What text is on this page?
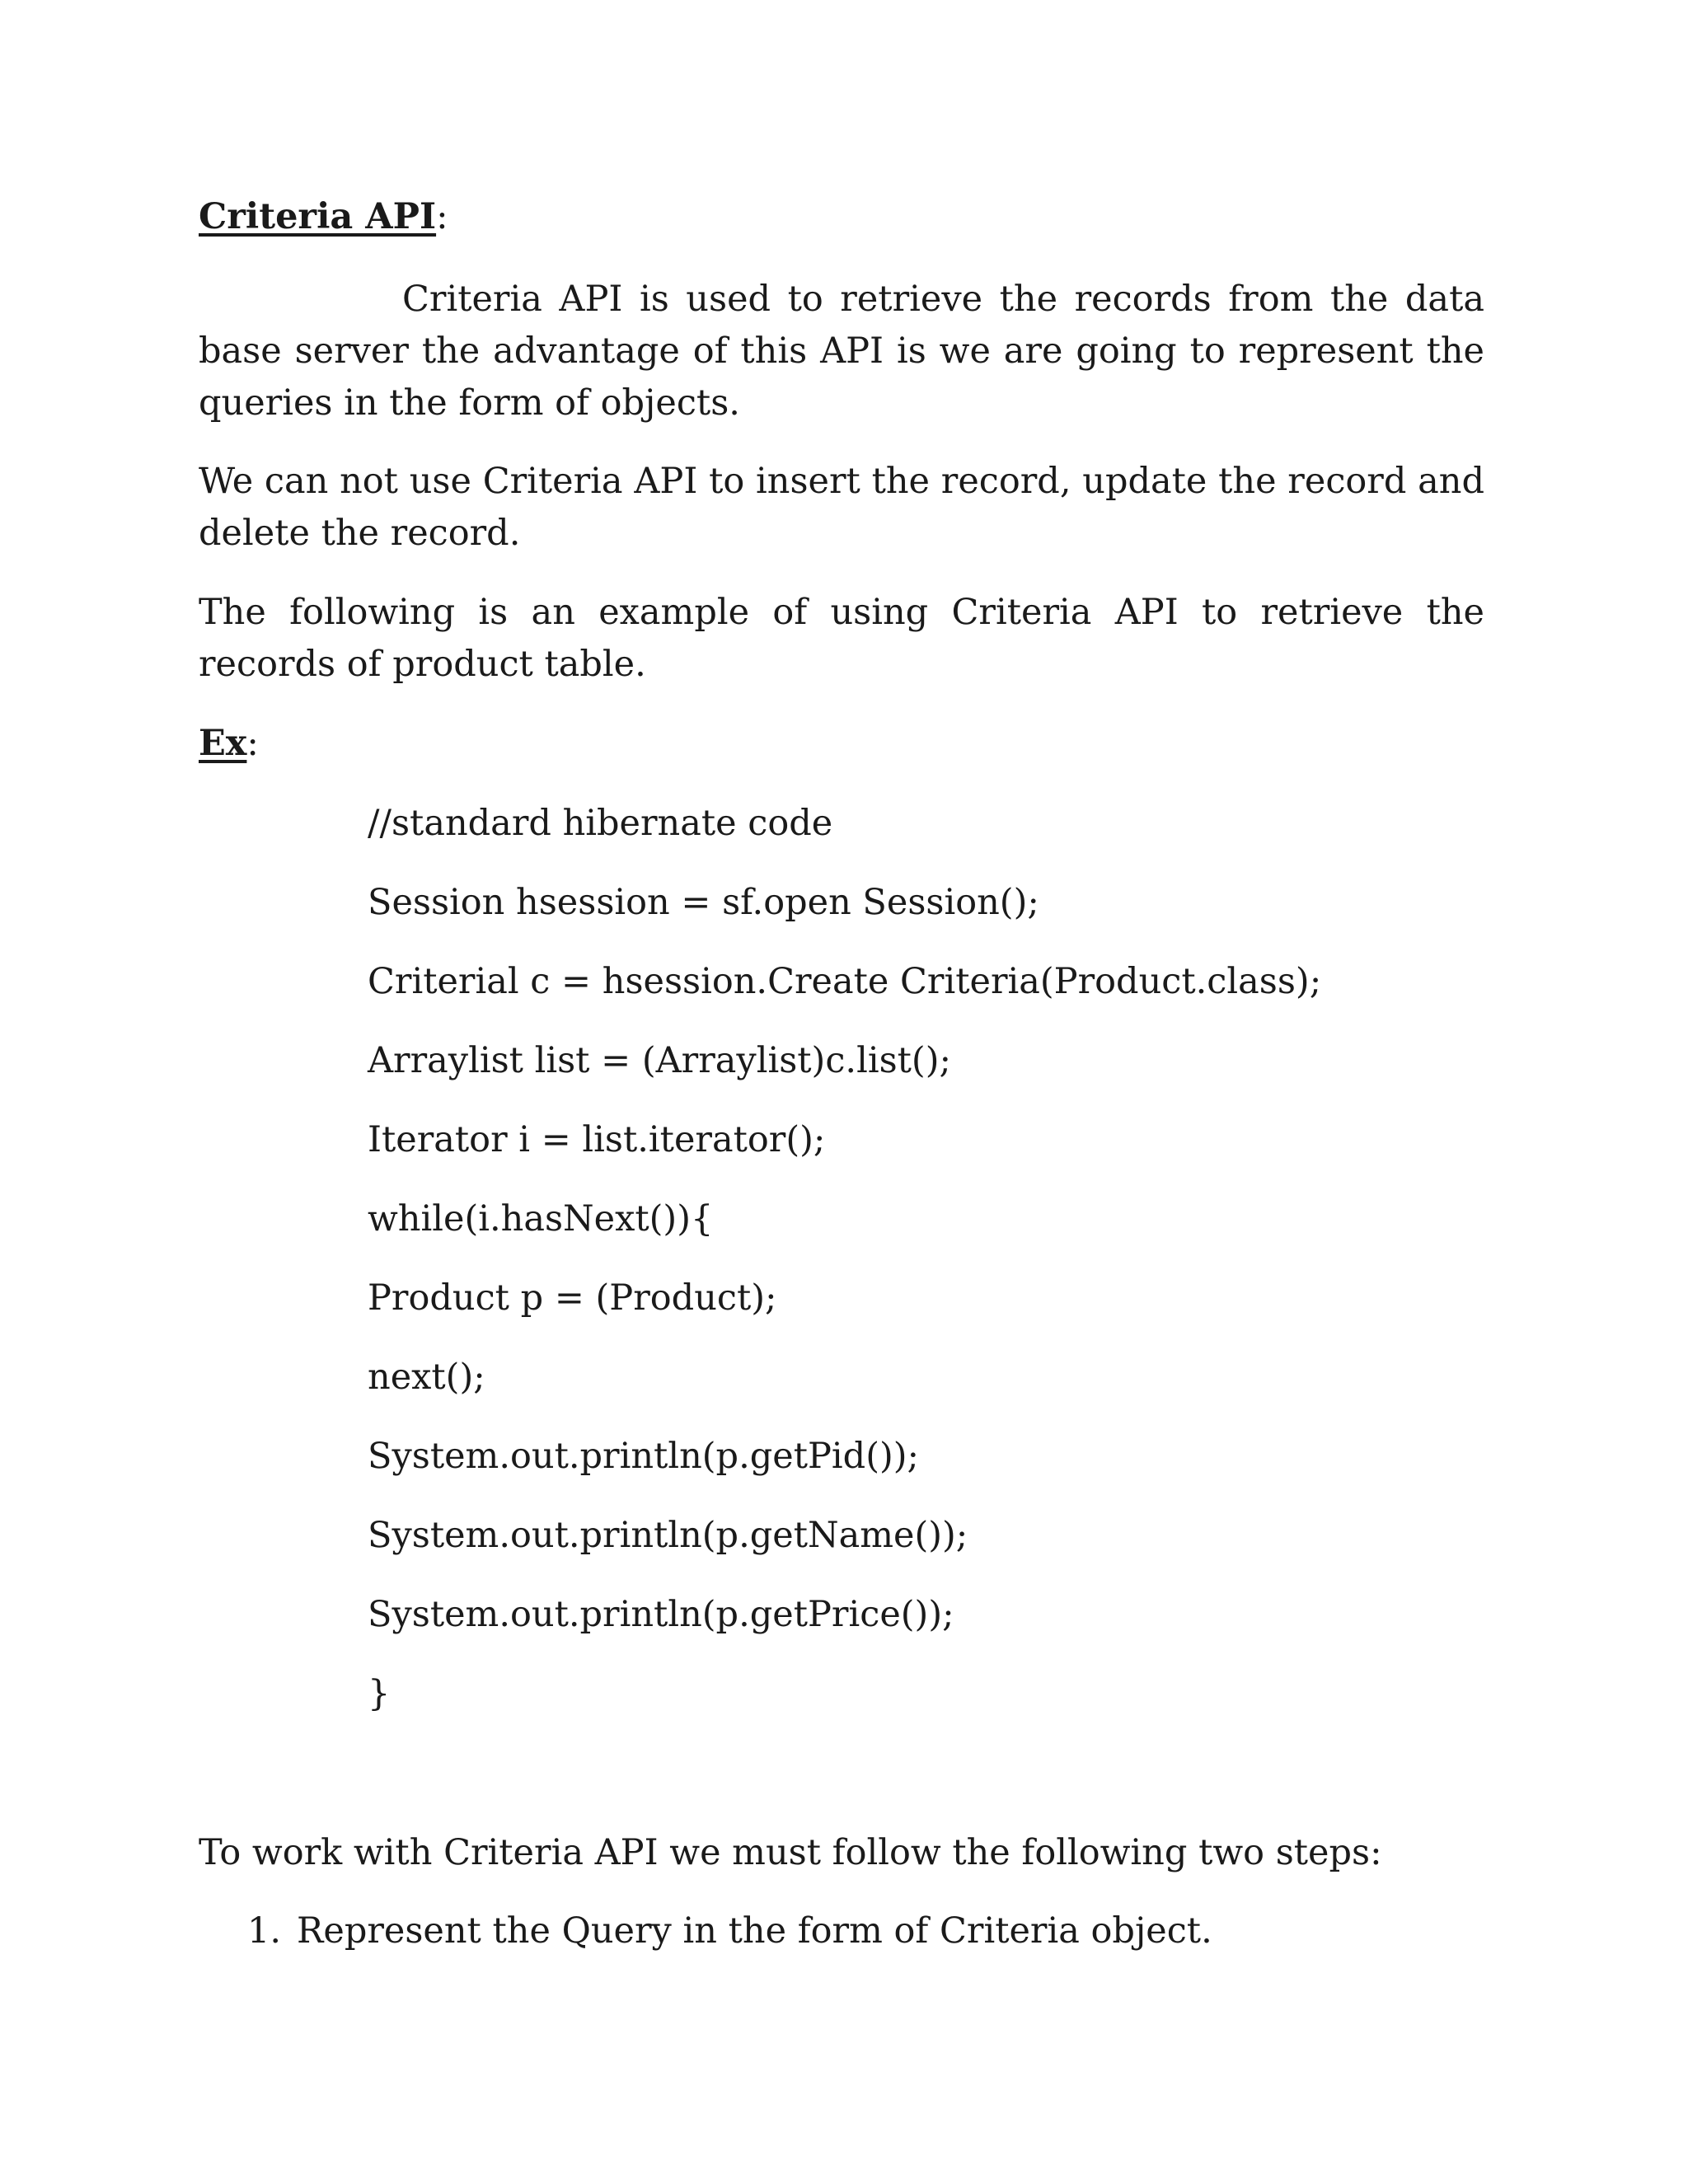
Criteria API:

Criteria API is used to retrieve the records from the data base server the advantage of this API is we are going to represent the queries in the form of objects.

We can not use Criteria API to insert the record, update the record and delete the record.

The following is an example of using Criteria API to retrieve the records of product table.

Ex:

//standard hibernate code

Session hsession = sf.open Session();

Criterial c = hsession.Create Criteria(Product.class);

Arraylist list = (Arraylist)c.list();

Iterator i = list.iterator();

while(i.hasNext()){

Product p = (Product);

next();

System.out.println(p.getPid());

System.out.println(p.getName());

System.out.println(p.getPrice());

}

To work with Criteria API we must follow the following two steps:

1. Represent the Query in the form of Criteria object.
